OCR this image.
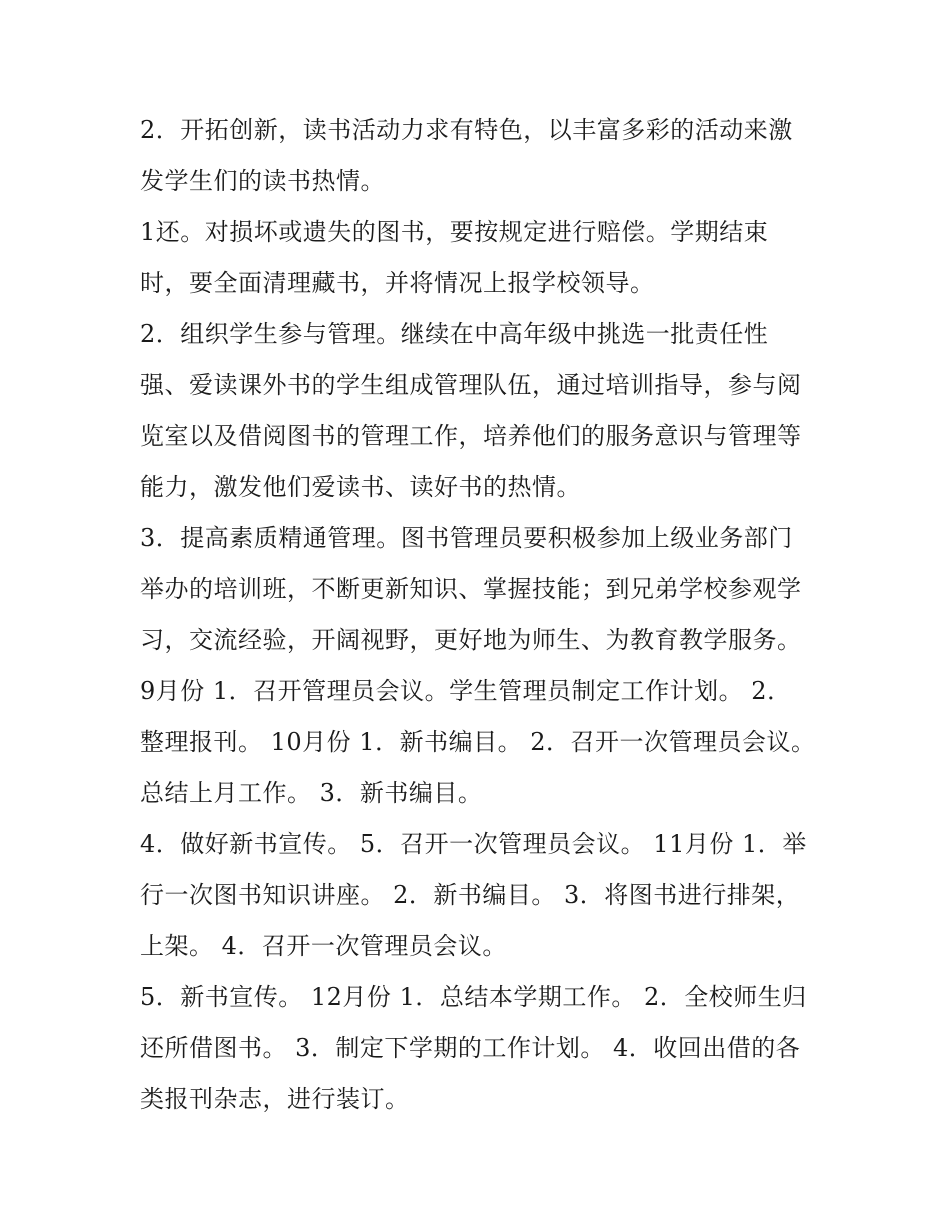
2．开拓创新，读书活动力求有特色，以丰富多彩的活动来激
发学生们的读书热情。
1还。对损坏或遗失的图书，要按规定进行赔偿。学期结束
时，要全面清理藏书，并将情况上报学校领导。
2．组织学生参与管理。继续在中高年级中挑选一批责任性
强、爱读课外书的学生组成管理队伍，通过培训指导，参与阅
览室以及借阅图书的管理工作，培养他们的服务意识与管理等
能力，激发他们爱读书、读好书的热情。
3．提高素质精通管理。图书管理员要积极参加上级业务部门
举办的培训班，不断更新知识、掌握技能；到兄弟学校参观学
习，交流经验，开阔视野，更好地为师生、为教育教学服务。
9月份 1．召开管理员会议。学生管理员制定工作计划。 2．
整理报刊。 10月份 1．新书编目。 2．召开一次管理员会议。
总结上月工作。 3．新书编目。
4．做好新书宣传。 5．召开一次管理员会议。 11月份 1．举
行一次图书知识讲座。 2．新书编目。 3．将图书进行排架，
上架。 4．召开一次管理员会议。
5．新书宣传。 12月份 1．总结本学期工作。 2．全校师生归
还所借图书。 3．制定下学期的工作计划。 4．收回出借的各
类报刊杂志，进行装订。
